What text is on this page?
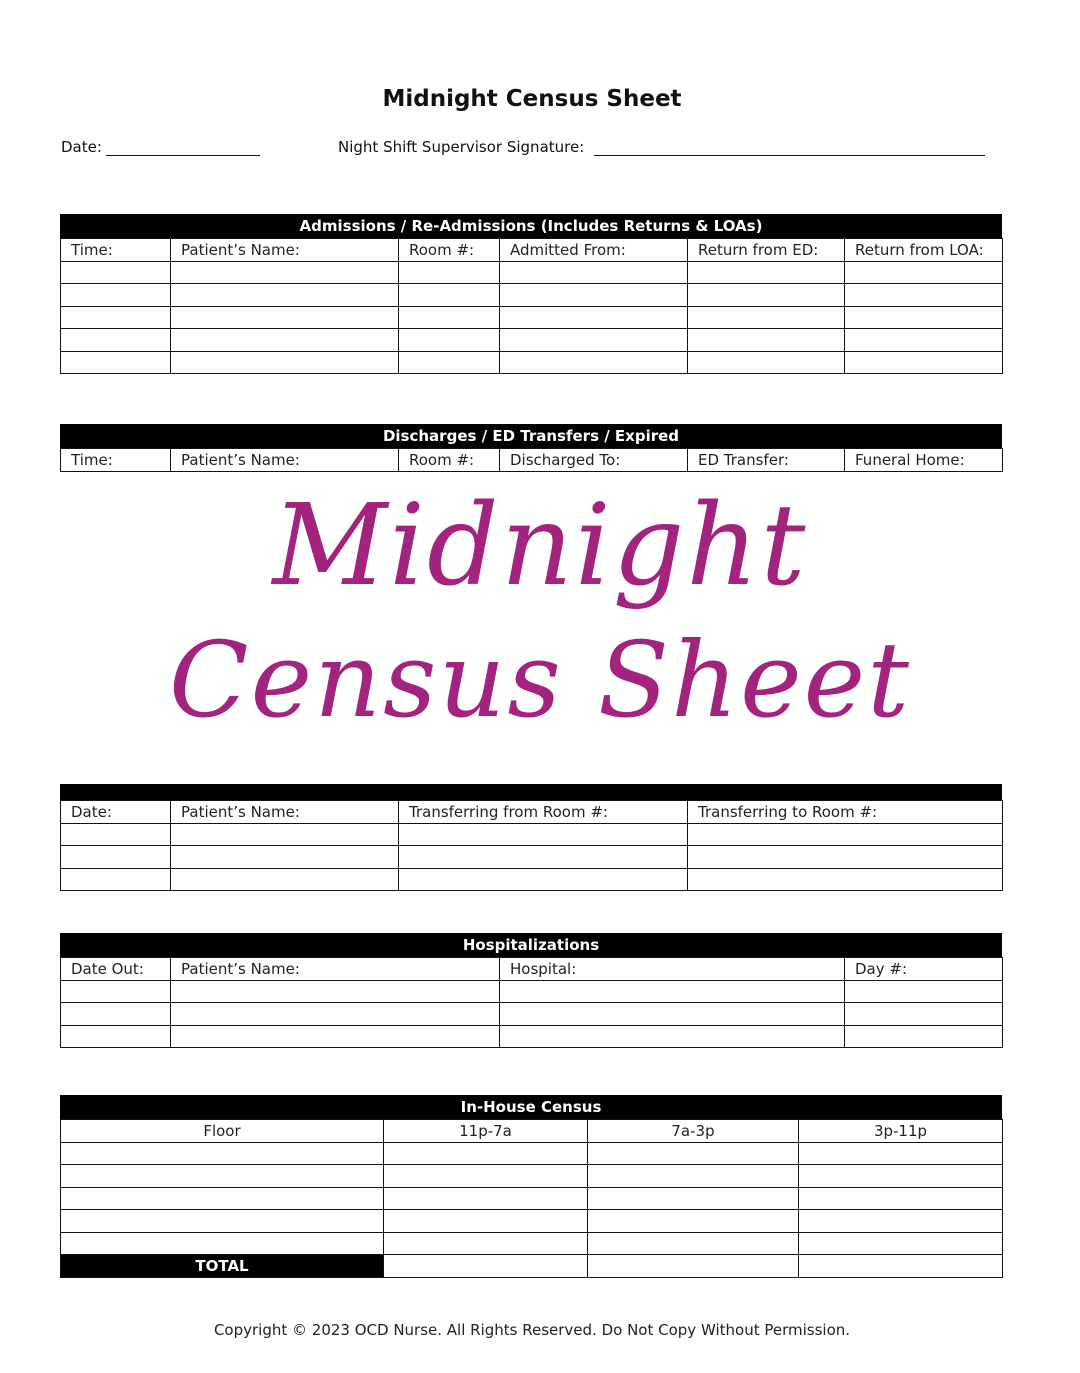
Midnight Census Sheet
Date:	Night Shift Supervisor Signature:
Admissions / Re-Admissions (Includes Returns & LOAs)
Time:	Patient’s Name:	Room #:	Admitted From:	Return from ED:	Return from LOA:

Discharges / ED Transfers / Expired
Time:	Patient’s Name:	Room #:	Discharged To:	ED Transfer:	Funeral Home:

Date:	Patient’s Name:	Transferring from Room #:	Transferring to Room #:

Midnight
Census Sheet
Hospitalizations
Date Out:	Patient’s Name:	Hospital:	Day #:

In-House Census
Floor	11p-7a	7a-3p	3p-11p

TOTAL			
Copyright © 2023 OCD Nurse. All Rights Reserved. Do Not Copy Without Permission.
